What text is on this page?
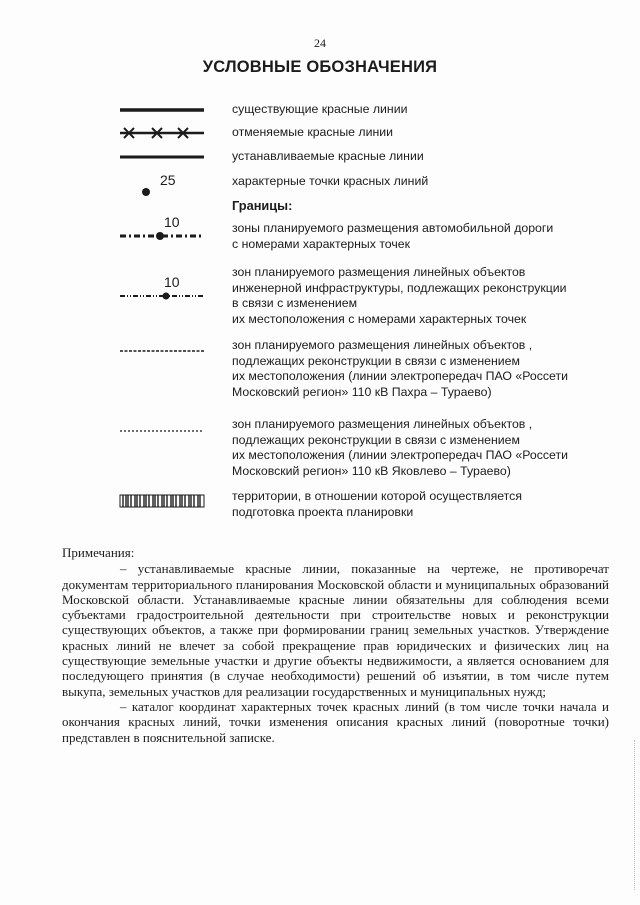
24
УСЛОВНЫЕ ОБОЗНАЧЕНИЯ
существующие красные линии
отменяемые красные линии
устанавливаемые красные линии
25	характерные точки красных линий
Границы:
10	зоны планируемого размещения автомобильной дороги
с номерами характерных точек
10
зон планируемого размещения линейных объектов
инженерной инфраструктуры, подлежащих реконструкции
в связи с изменением
их местоположения с номерами характерных точек
зон планируемого размещения линейных объектов ,
подлежащих реконструкции в связи с изменением
их местоположения (линии электропередач ПАО «Россети
Московский регион» 110 кВ Пахра – Тураево)
зон планируемого размещения линейных объектов ,
подлежащих реконструкции в связи с изменением
их местоположения (линии электропередач ПАО «Россети
Московский регион» 110 кВ Яковлево – Тураево)
территории, в отношении которой осуществляется
подготовка проекта планировки

Примечания:

– устанавливаемые красные линии, показанные на чертеже, не противоречат документам территориального планирования Московской области и муниципальных образований Московской области. Устанавливаемые красные линии обязательны для соблюдения всеми субъектами градостроительной деятельности при строительстве новых и реконструкции существующих объектов, а также при формировании границ земельных участков. Утверждение красных линий не влечет за собой прекращение прав юридических и физических лиц на существующие земельные участки и другие объекты недвижимости, а является основанием для последующего принятия (в случае необходимости) решений об изъятии, в том числе путем выкупа, земельных участков для реализации государственных и муниципальных нужд;

– каталог координат характерных точек красных линий (в том числе точки начала и окончания красных линий, точки изменения описания красных линий (поворотные точки) представлен в пояснительной записке.
